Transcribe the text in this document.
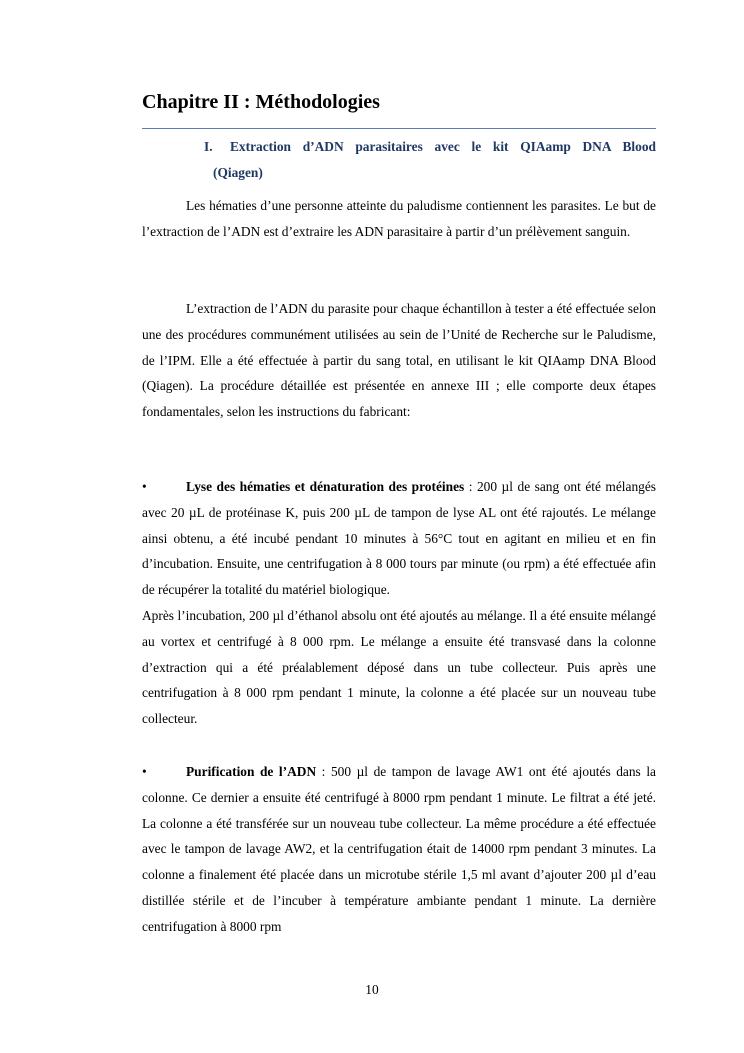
Chapitre II : Méthodologies
I. Extraction d’ADN parasitaires avec le kit QIAamp DNA Blood
(Qiagen)

Les hématies d’une personne atteinte du paludisme contiennent les parasites. Le but de l’extraction de l’ADN est d’extraire les ADN parasitaire à partir d’un prélèvement sanguin.

L’extraction de l’ADN du parasite pour chaque échantillon à tester a été effectuée selon une des procédures communément utilisées au sein de l’Unité de Recherche sur le Paludisme, de l’IPM. Elle a été effectuée à partir du sang total, en utilisant le kit QIAamp DNA Blood (Qiagen). La procédure détaillée est présentée en annexe III ; elle comporte deux étapes fondamentales, selon les instructions du fabricant:

•	Lyse des hématies et dénaturation des protéines : 200 µl de sang ont été mélangés avec 20 µL de protéinase K, puis 200 µL de tampon de lyse AL ont été rajoutés. Le mélange ainsi obtenu, a été incubé pendant 10 minutes à 56°C tout en agitant en milieu et en fin d’incubation. Ensuite, une centrifugation à 8 000 tours par minute (ou rpm) a été effectuée afin de récupérer la totalité du matériel biologique.

Après l’incubation, 200 µl d’éthanol absolu ont été ajoutés au mélange. Il a été ensuite mélangé au vortex et centrifugé à 8 000 rpm. Le mélange a ensuite été transvasé dans la colonne d’extraction qui a été préalablement déposé dans un tube collecteur. Puis après une centrifugation à 8 000 rpm pendant 1 minute, la colonne a été placée sur un nouveau tube collecteur.

•	Purification de l’ADN : 500 µl de tampon de lavage AW1 ont été ajoutés dans la colonne. Ce dernier a ensuite été centrifugé à 8000 rpm pendant 1 minute. Le filtrat a été jeté. La colonne a été transférée sur un nouveau tube collecteur. La même procédure a été effectuée avec le tampon de lavage AW2, et la centrifugation était de 14000 rpm pendant 3 minutes. La colonne a finalement été placée dans un microtube stérile 1,5 ml avant d’ajouter 200 µl d’eau distillée stérile et de l’incuber à température ambiante pendant 1 minute. La dernière centrifugation à 8000 rpm
10
